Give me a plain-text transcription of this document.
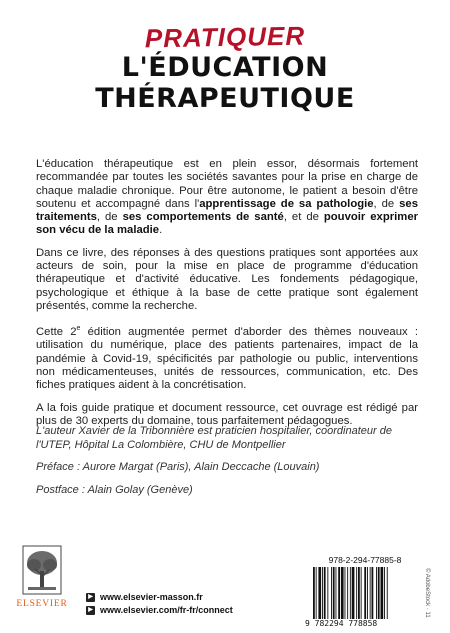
PRATIQUER
L'ÉDUCATION
THÉRAPEUTIQUE

L'éducation thérapeutique est en plein essor, désormais fortement recommandée par toutes les sociétés savantes pour la prise en charge de chaque maladie chronique. Pour être autonome, le patient a besoin d'être soutenu et accompagné dans l'apprentissage de sa pathologie, de ses traitements, de ses comportements de santé, et de pouvoir exprimer son vécu de la maladie.

Dans ce livre, des réponses à des questions pratiques sont apportées aux acteurs de soin, pour la mise en place de programme d'éducation thérapeutique et d'activité éducative. Les fondements pédagogique, psychologique et éthique à la base de cette pratique sont également présentés, comme la recherche.

Cette 2e édition augmentée permet d'aborder des thèmes nouveaux : utilisation du numérique, place des patients partenaires, impact de la pandémie à Covid-19, spécificités par pathologie ou public, interventions non médicamenteuses, unités de ressources, communication, etc. Des fiches pratiques aident à la concrétisation.

A la fois guide pratique et document ressource, cet ouvrage est rédigé par plus de 30 experts du domaine, tous parfaitement pédagogues.

L'auteur Xavier de la Tribonnière est praticien hospitalier, coordinateur de l'UTEP, Hôpital La Colombière, CHU de Montpellier

Préface : Aurore Margat (Paris), Alain Deccache (Louvain)

Postface : Alain Golay (Genève)

ELSEVIER
▶ www.elsevier-masson.fr
▶ www.elsevier.com/fr-fr/connect
978-2-294-77885-8
9 782294 778858
© AdobeStock · 11
